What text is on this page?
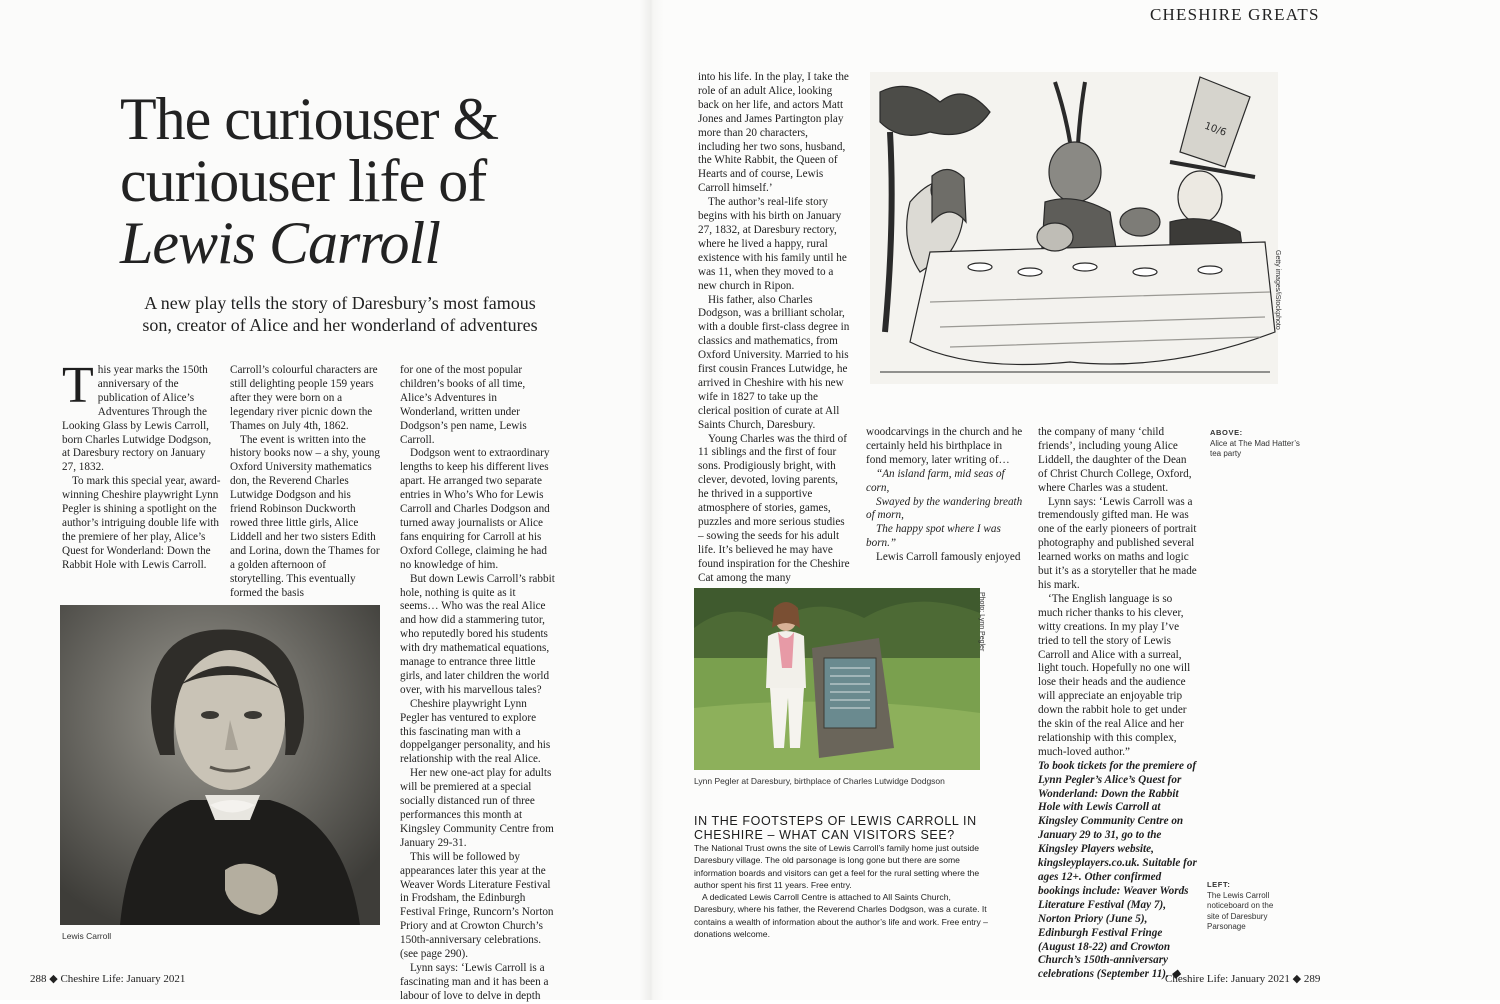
The curiouser &
curiouser life of
Lewis Carroll
A new play tells the story of Daresbury’s most famous son, creator of Alice and her wonderland of adventures
T his year marks the 150th anniversary of the publication of Alice’s Adventures Through the Looking Glass by Lewis Carroll, born Charles Lutwidge Dodgson, at Daresbury rectory on January 27, 1832.

To mark this special year, award-winning Cheshire playwright Lynn Pegler is shining a spotlight on the author’s intriguing double life with the premiere of her play, Alice’s Quest for Wonderland: Down the Rabbit Hole with Lewis Carroll.

Carroll’s colourful characters are still delighting people 159 years after they were born on a legendary river picnic down the Thames on July 4th, 1862.

The event is written into the history books now – a shy, young Oxford University mathematics don, the Reverend Charles Lutwidge Dodgson and his friend Robinson Duckworth rowed three little girls, Alice Liddell and her two sisters Edith and Lorina, down the Thames for a golden afternoon of storytelling. This eventually formed the basis

for one of the most popular children’s books of all time, Alice’s Adventures in Wonderland, written under Dodgson’s pen name, Lewis Carroll.

Dodgson went to extraordinary lengths to keep his different lives apart. He arranged two separate entries in Who’s Who for Lewis Carroll and Charles Dodgson and turned away journalists or Alice fans enquiring for Carroll at his Oxford College, claiming he had no knowledge of him.

But down Lewis Carroll’s rabbit hole, nothing is quite as it seems… Who was the real Alice and how did a stammering tutor, who reputedly bored his students with dry mathematical equations, manage to entrance three little girls, and later children the world over, with his marvellous tales?

Cheshire playwright Lynn Pegler has ventured to explore this fascinating man with a doppelganger personality, and his relationship with the real Alice.

Her new one-act play for adults will be premiered at a special socially distanced run of three performances this month at Kingsley Community Centre from January 29-31.

This will be followed by appearances later this year at the Weaver Words Literature Festival in Frodsham, the Edinburgh Festival Fringe, Runcorn’s Norton Priory and at Crowton Church’s 150th-anniversary celebrations. (see page 290).

Lynn says: ‘Lewis Carroll is a fascinating man and it has been a labour of love to delve in depth

Lewis Carroll
288 ◆ Cheshire Life: January 2021
CHESHIRE GREATS

into his life. In the play, I take the role of an adult Alice, looking back on her life, and actors Matt Jones and James Partington play more than 20 characters, including her two sons, husband, the White Rabbit, the Queen of Hearts and of course, Lewis Carroll himself.’

The author’s real-life story begins with his birth on January 27, 1832, at Daresbury rectory, where he lived a happy, rural existence with his family until he was 11, when they moved to a new church in Ripon.

His father, also Charles Dodgson, was a brilliant scholar, with a double first-class degree in classics and mathematics, from Oxford University. Married to his first cousin Frances Lutwidge, he arrived in Cheshire with his new wife in 1827 to take up the clerical position of curate at All Saints Church, Daresbury.

Young Charles was the third of 11 siblings and the first of four sons. Prodigiously bright, with clever, devoted, loving parents, he thrived in a supportive atmosphere of stories, games, puzzles and more serious studies – sowing the seeds for his adult life. It’s believed he may have found inspiration for the Cheshire Cat among the many

10/6
Getty images/iStockphoto

woodcarvings in the church and he certainly held his birthplace in fond memory, later writing of…

“An island farm, mid seas of corn,

Swayed by the wandering breath of morn,

The happy spot where I was born.”

Lewis Carroll famously enjoyed

the company of many ‘child friends’, including young Alice Liddell, the daughter of the Dean of Christ Church College, Oxford, where Charles was a student.

Lynn says: ‘Lewis Carroll was a tremendously gifted man. He was one of the early pioneers of portrait photography and published several learned works on maths and logic but it’s as a storyteller that he made his mark.

‘The English language is so much richer thanks to his clever, witty creations. In my play I’ve tried to tell the story of Lewis Carroll and Alice with a surreal, light touch. Hopefully no one will lose their heads and the audience will appreciate an enjoyable trip down the rabbit hole to get under the skin of the real Alice and her relationship with this complex, much-loved author.”

To book tickets for the premiere of Lynn Pegler’s Alice’s Quest for Wonderland: Down the Rabbit Hole with Lewis Carroll at Kingsley Community Centre on January 29 to 31, go to the Kingsley Players website, kingsleyplayers.co.uk. Suitable for ages 12+. Other confirmed bookings include: Weaver Words Literature Festival (May 7), Norton Priory (June 5), Edinburgh Festival Fringe (August 18-22) and Crowton Church’s 150th-anniversary celebrations (September 11). ◆

ABOVE:
Alice at The Mad Hatter’s tea party
LEFT:
The Lewis Carroll noticeboard on the site of Daresbury Parsonage
Photo: Lynn Pegler
Lynn Pegler at Daresbury, birthplace of Charles Lutwidge Dodgson
IN THE FOOTSTEPS OF LEWIS CARROLL IN CHESHIRE – WHAT CAN VISITORS SEE?

The National Trust owns the site of Lewis Carroll’s family home just outside Daresbury village. The old parsonage is long gone but there are some information boards and visitors can get a feel for the rural setting where the author spent his first 11 years. Free entry.

A dedicated Lewis Carroll Centre is attached to All Saints Church, Daresbury, where his father, the Reverend Charles Dodgson, was a curate. It contains a wealth of information about the author’s life and work. Free entry – donations welcome.

Cheshire Life: January 2021 ◆ 289
